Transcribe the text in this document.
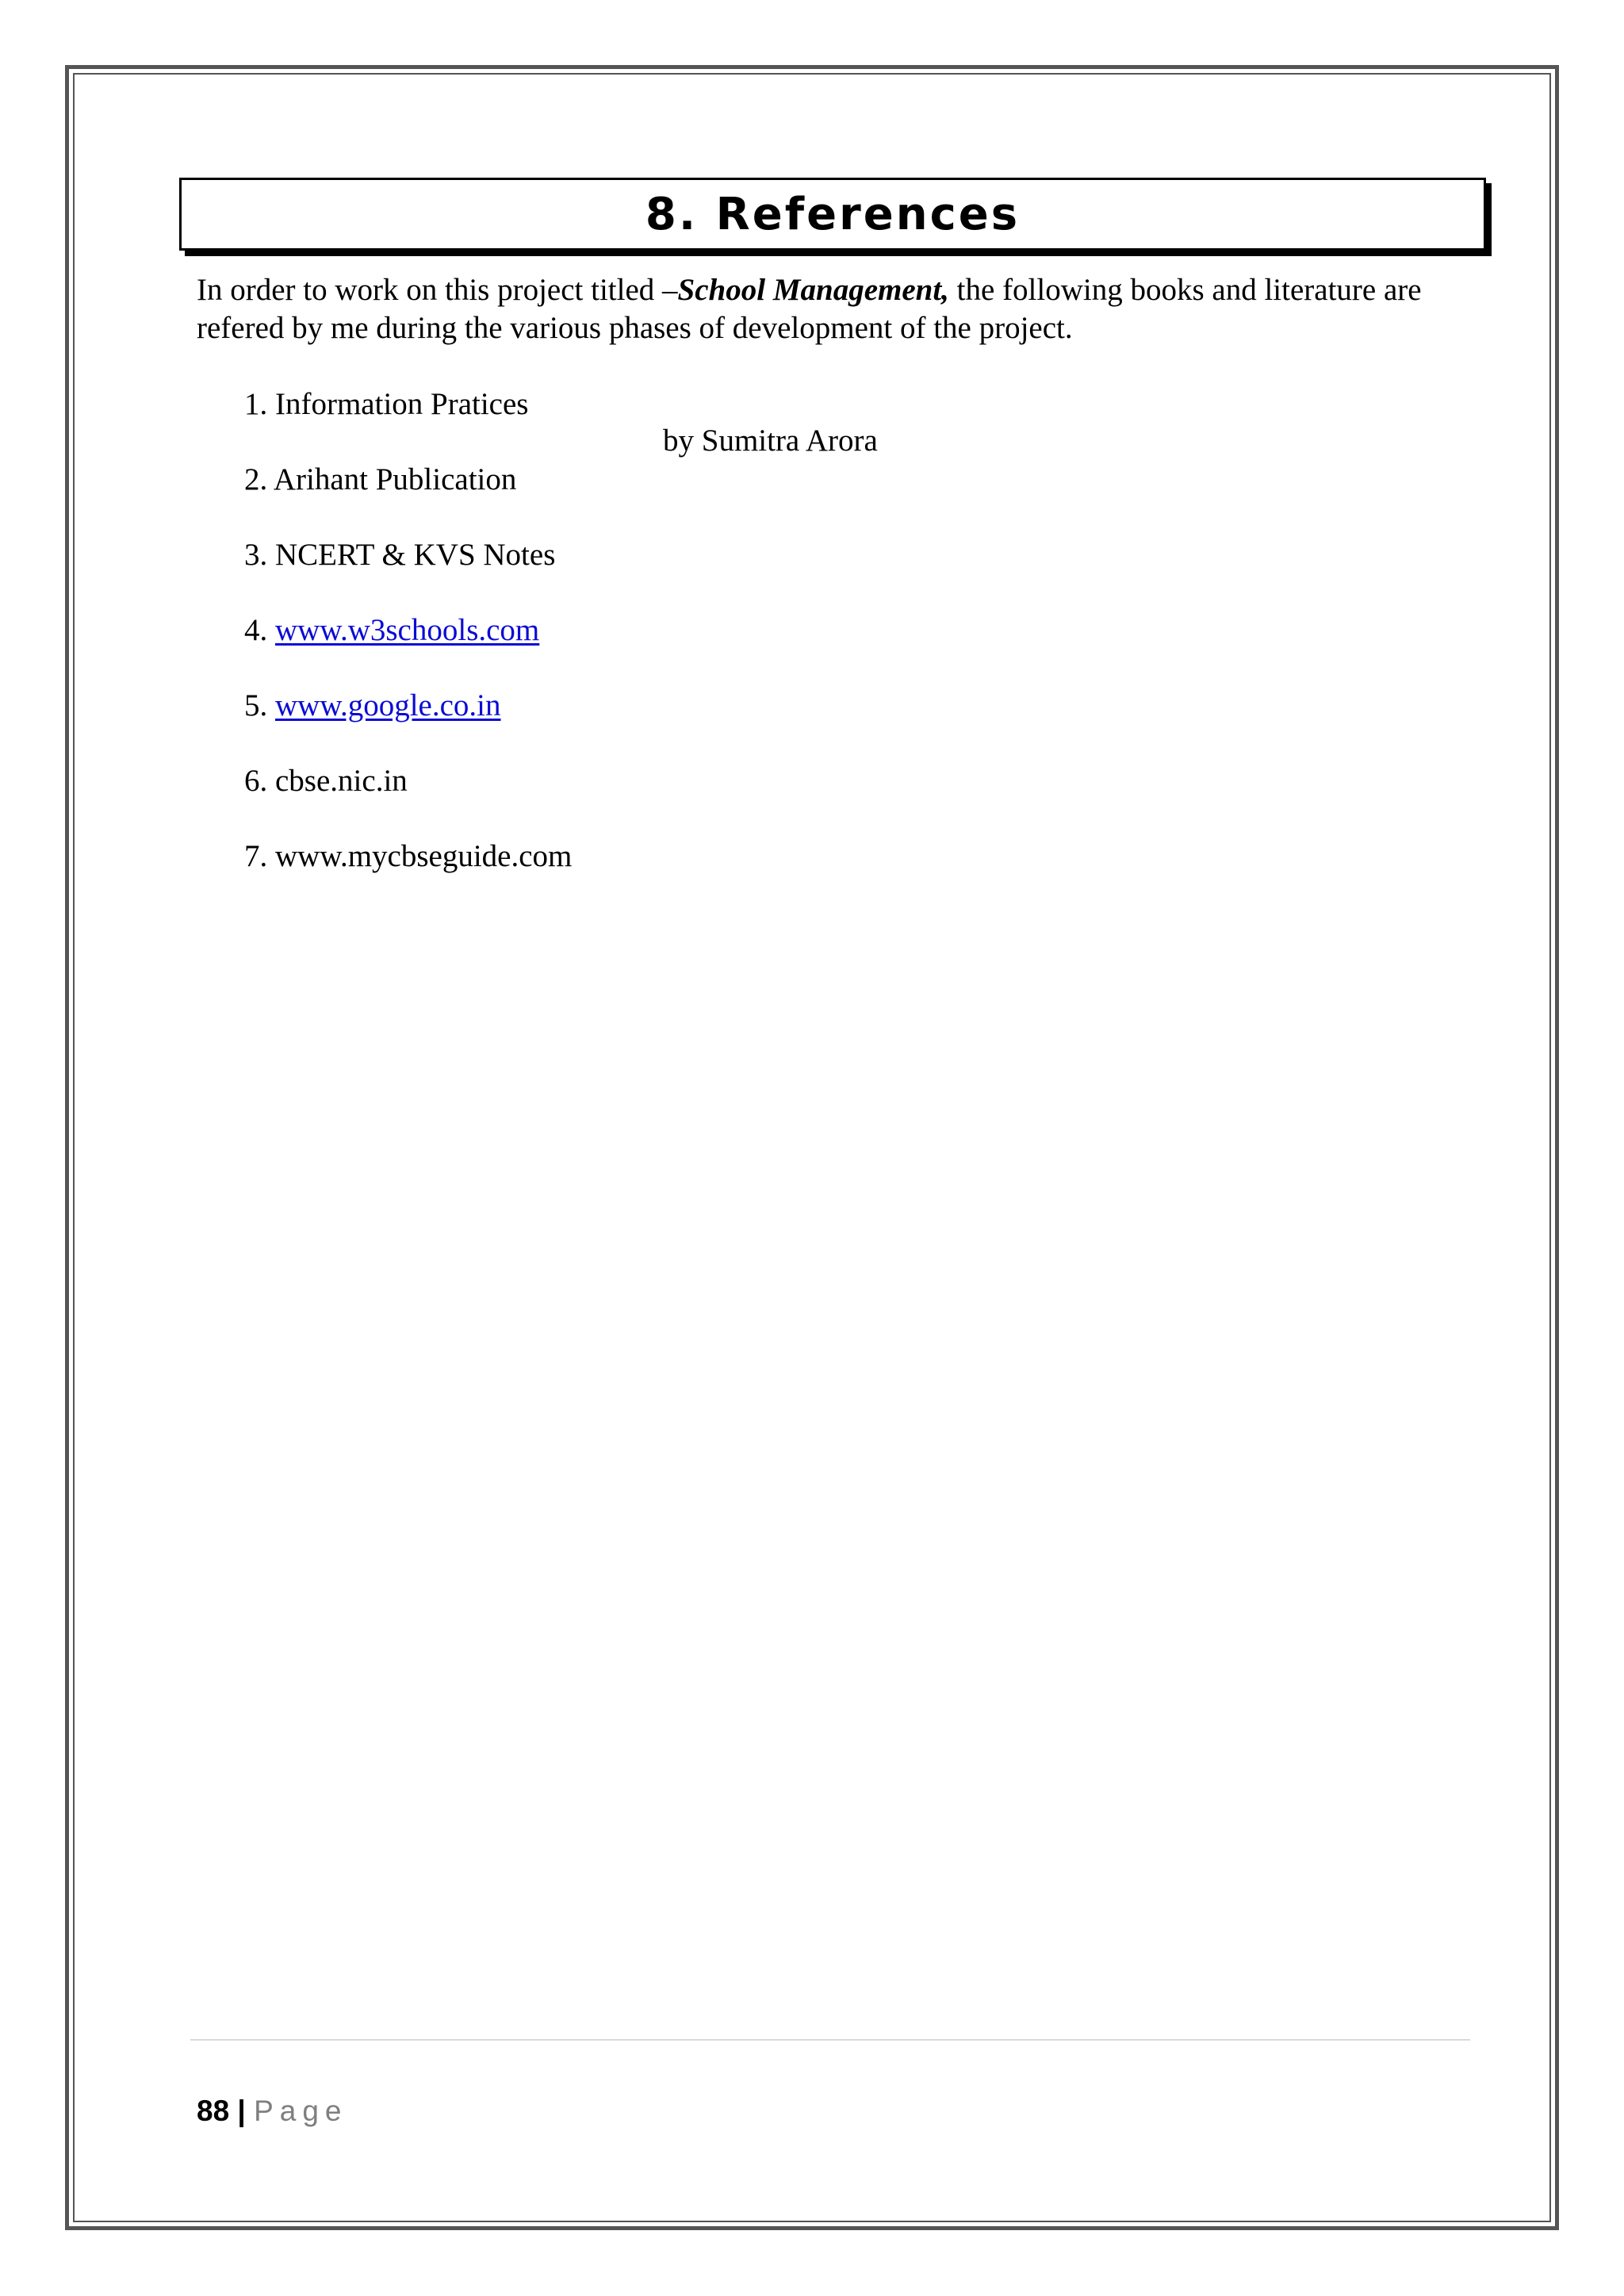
8. References

In order to work on this project titled –School Management, the following books and literature are refered by me during the various phases of development of the project.

1. Information Pratices
2. Arihant Publication
3. NCERT & KVS Notes
4. www.w3schools.com
5. www.google.co.in
6. cbse.nic.in
7. www.mycbseguide.com
by Sumitra Arora
88 | Page
